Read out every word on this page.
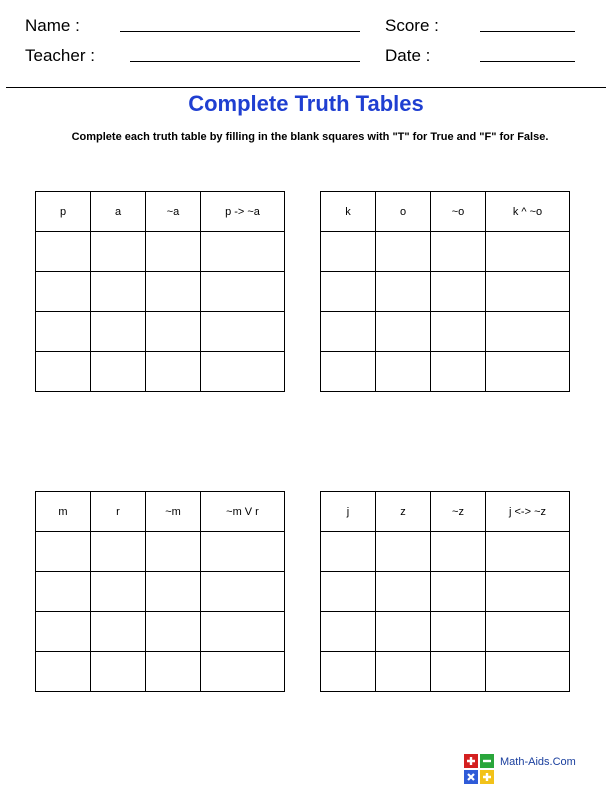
Name :	Score :
Teacher :	Date :
Complete Truth Tables
Complete each truth table by filling in the blank squares with "T" for True and "F" for False.
p	a	~a	p -> ~a

				k	o	~o	k ^ ~o

m	r	~m	~m V r

				j	z	~z	j <-> ~z

Math-Aids.Com
